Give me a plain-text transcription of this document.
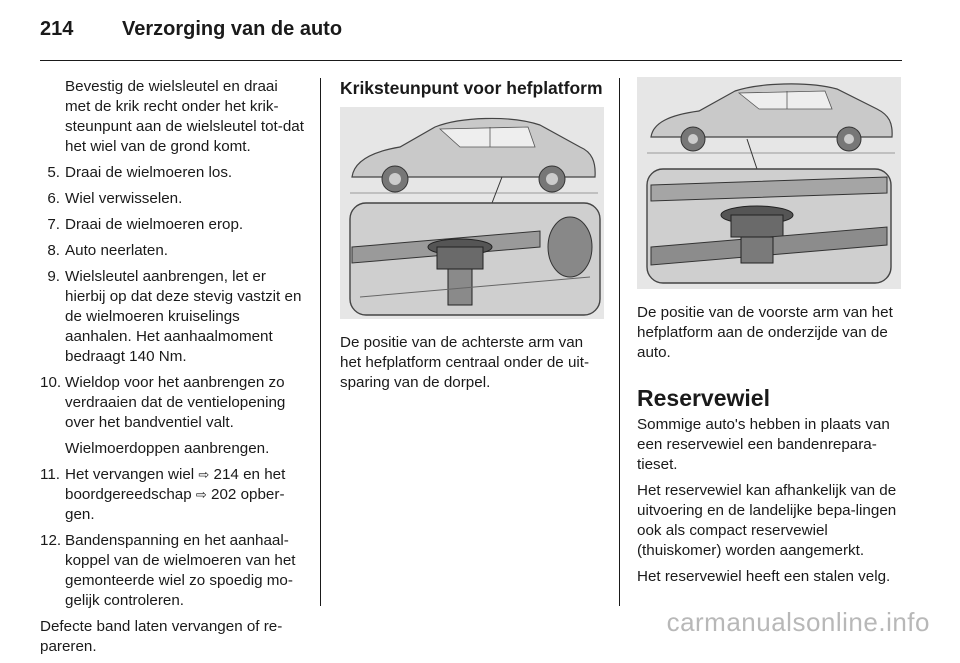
214	Verzorging van de auto
Bevestig de wielsleutel en draai met de krik recht onder het krik-steunpunt aan de wielsleutel tot-dat het wiel van de grond komt.
5. Draai de wielmoeren los.
6. Wiel verwisselen.
7. Draai de wielmoeren erop.
8. Auto neerlaten.
9. Wielsleutel aanbrengen, let er hierbij op dat deze stevig vastzit en de wielmoeren kruiselings aanhalen. Het aanhaalmoment bedraagt 140 Nm.
10. Wieldop voor het aanbrengen zo verdraaien dat de ventielopening over het bandventiel valt.
Wielmoerdoppen aanbrengen.
11. Het vervangen wiel ⇨ 214 en het boordgereedschap ⇨ 202 opber-gen.
12. Bandenspanning en het aanhaal-koppel van de wielmoeren van het gemonteerde wiel zo spoedig mo-gelijk controleren.
Defecte band laten vervangen of re-pareren.
Kriksteunpunt voor hefplatform
De positie van de achterste arm van het hefplatform centraal onder de uit-sparing van de dorpel.
De positie van de voorste arm van het hefplatform aan de onderzijde van de auto.
Reservewiel
Sommige auto's hebben in plaats van een reservewiel een bandenrepara-tieset.
Het reservewiel kan afhankelijk van de uitvoering en de landelijke bepa-lingen ook als compact reservewiel (thuiskomer) worden aangemerkt.
Het reservewiel heeft een stalen velg.
carmanualsonline.info
